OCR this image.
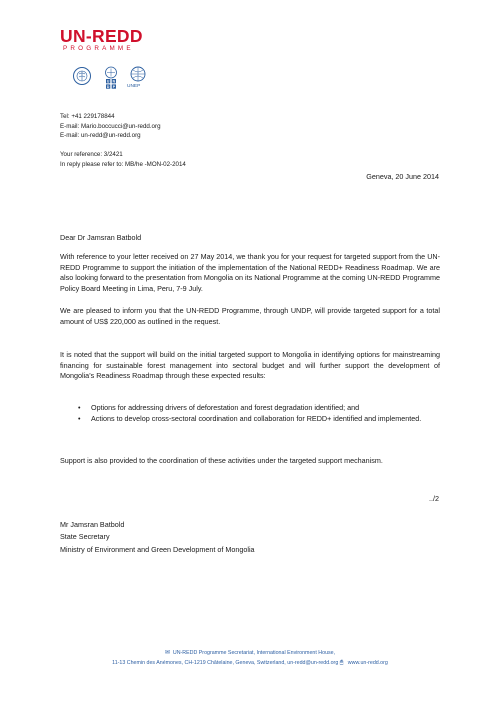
UN-REDD
PROGRAMME
U N
D P	UNEP
Tel: +41 229178844
E-mail: Mario.boccucci@un-redd.org
E-mail: un-redd@un-redd.org
Your reference: 3/2421
In reply please refer to: MB/he -MON-02-2014
Geneva, 20 June 2014
Dear Dr Jamsran Batbold
With reference to your letter received on 27 May 2014, we thank you for your request for targeted support from the UN-REDD Programme to support the initiation of the implementation of the National REDD+ Readiness Roadmap. We are also looking forward to the presentation from Mongolia on its National Programme at the coming UN-REDD Programme Policy Board Meeting in Lima, Peru, 7-9 July.
We are pleased to inform you that the UN-REDD Programme, through UNDP, will provide targeted support for a total amount of US$ 220,000 as outlined in the request.
It is noted that the support will build on the initial targeted support to Mongolia in identifying options for mainstreaming financing for sustainable forest management into sectoral budget and will further support the development of Mongolia’s Readiness Roadmap through these expected results:
• Options for addressing drivers of deforestation and forest degradation identified; and
• Actions to develop cross-sectoral coordination and collaboration for REDD+ identified and implemented.
Support is also provided to the coordination of these activities under the targeted support mechanism.
../2
Mr Jamsran Batbold
State Secretary
Ministry of Environment and Green Development of Mongolia
✉ UN-REDD Programme Secretariat, International Environment House,
11-13 Chemin des Anémones, CH-1219 Châtelaine, Geneva, Switzerland, un-redd@un-redd.org 🖱 www.un-redd.org
